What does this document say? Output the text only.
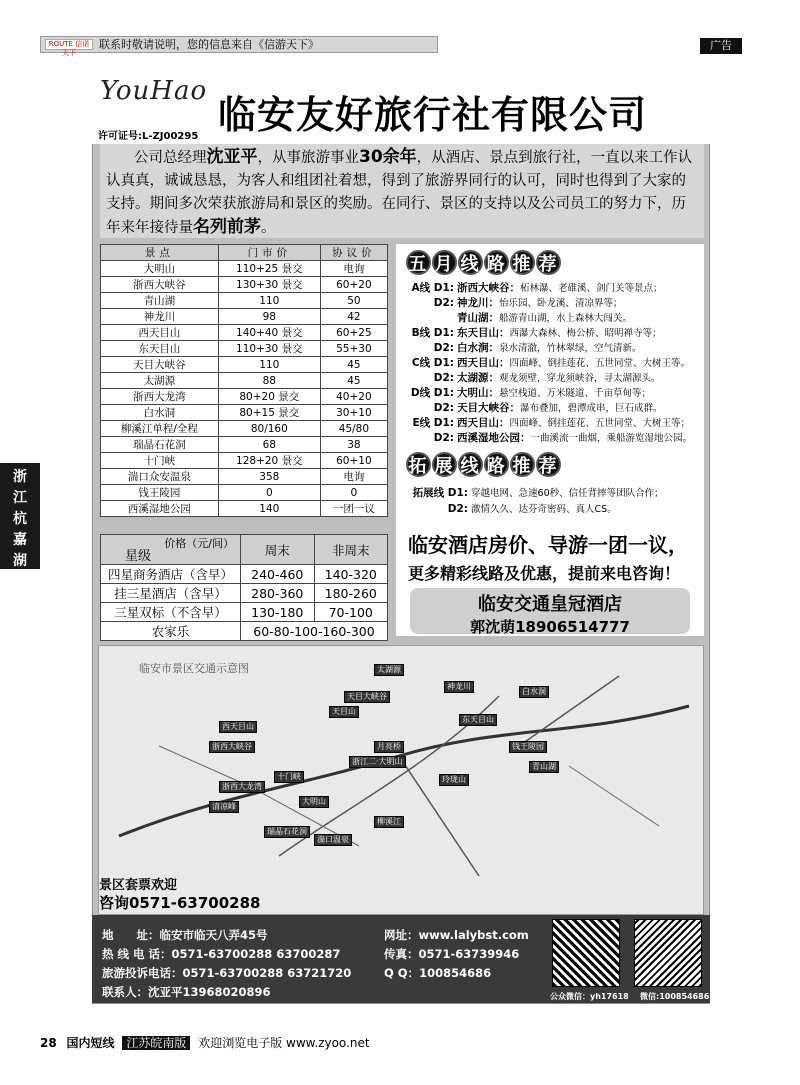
ROUTE 信诺天下
联系时敬请说明，您的信息来自《信游天下》	广告
浙
江
杭
嘉
湖
YouHao
许可证号:L-ZJ00295 临安友好旅行社有限公司
公司总经理沈亚平，从事旅游事业30余年，从酒店、景点到旅行社，一直以来工作认认真真，诚诚恳恳，为客人和组团社着想，得到了旅游界同行的认可，同时也得到了大家的支持。期间多次荣获旅游局和景区的奖励。在同行、景区的支持以及公司员工的努力下，历年来年接待量名列前茅。
景点	门市价	协议价
大明山	110+25 景交	电询
浙西大峡谷	130+30 景交	60+20
青山湖	110	50
神龙川	98	42
西天目山	140+40 景交	60+25
东天目山	110+30 景交	55+30
天目大峡谷	110	45
太湖源	88	45
浙西大龙湾	80+20 景交	40+20
白水洞	80+15 景交	30+10
柳溪江单程/全程	80/160	45/80
瑞晶石花洞	68	38
十门峡	128+20 景交	60+10
湍口众安温泉	358	电询
钱王陵园	0	0
西溪湿地公园	140	一团一议
价格（元/间）
星级	周末	非周末
四星商务酒店（含早）	240-460	140-320
挂三星酒店（含早）	280-360	180-260
三星双标（不含早）	130-180	70-100
农家乐	60-80-100-160-300	
五 月 线 路 推 荐
A线 D1: 浙西大峡谷：柘林瀑、老碓溪、剑门关等景点；
D2: 神龙川：怡乐园、卧龙溪、清凉界等；
青山湖：船游青山湖，水上森林大闯关。
B线 D1: 东天目山：西瀑大森林、梅公桥、昭明禅寺等；
D2: 白水涧：泉水清澈，竹林翠绿，空气清新。
C线 D1: 西天目山：四面峰、倒挂莲花、五世同堂、大树王等。
D2: 太湖源：观龙须壁，穿龙须峡谷，寻太湖源头。
D线 D1: 大明山：悬空栈道、万米隧道、千亩草甸等；
D2: 天目大峡谷：瀑布叠加，碧潭成串，巨石成群。
E线 D1: 西天目山：四面峰、倒挂莲花、五世同堂、大树王等；
D2: 西溪湿地公园：一曲溪流一曲烟，乘船游览湿地公园。
拓 展 线 路 推 荐
拓展线 D1: 穿越电网、急速60秒、信任背摔等团队合作；
D2: 激情久久、达芬奇密码、真人CS。
临安酒店房价、导游一团一议，
更多精彩线路及优惠，提前来电咨询！
临安交通皇冠酒店
郭沈萌18906514777
临安市景区交通示意图	太湖源
天目大峡谷
神龙川
白水洞
天目山
东天目山
西天目山
浙西大峡谷	月亮桥
浙江二·大明山
青山湖
钱王陵园
大明山
瑞晶石花洞
十门峡
清凉峰
浙西大龙湾
湍口温泉
柳溪江
玲珑山
景区套票欢迎
咨询0571-63700288
地　　址：临安市临天八弄45号
热 线 电 话：0571-63700288 63700287
旅游投诉电话：0571-63700288 63721720
联系人：沈亚平13968020896
网址：www.lalybst.com
传真：0571-63739946
Q Q：100854686
公众微信：yh17618 微信:100854686
28 国内短线 江苏皖南版 欢迎浏览电子版 www.zyoo.net
